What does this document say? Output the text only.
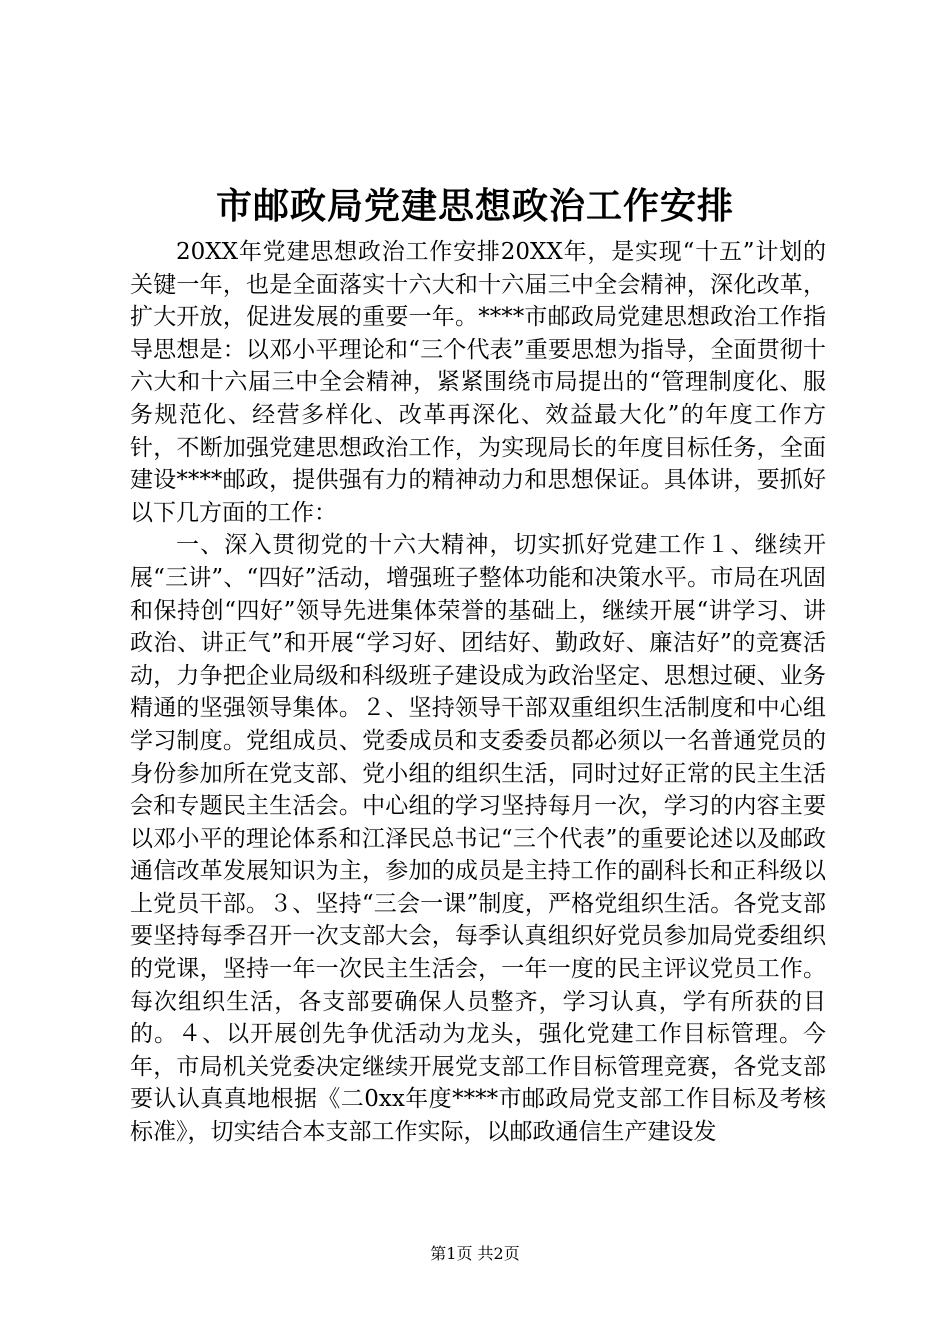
市邮政局党建思想政治工作安排

20XX年党建思想政治工作安排20XX年，是实现“十五”计划的关键一年，也是全面落实十六大和十六届三中全会精神，深化改革，扩大开放，促进发展的重要一年。****市邮政局党建思想政治工作指导思想是：以邓小平理论和“三个代表”重要思想为指导，全面贯彻十六大和十六届三中全会精神，紧紧围绕市局提出的“管理制度化、服务规范化、经营多样化、改革再深化、效益最大化”的年度工作方针，不断加强党建思想政治工作，为实现局长的年度目标任务，全面建设****邮政，提供强有力的精神动力和思想保证。具体讲，要抓好以下几方面的工作：

一、深入贯彻党的十六大精神，切实抓好党建工作１、继续开展“三讲”、“四好”活动，增强班子整体功能和决策水平。市局在巩固和保持创“四好”领导先进集体荣誉的基础上，继续开展“讲学习、讲政治、讲正气”和开展“学习好、团结好、勤政好、廉洁好”的竞赛活动，力争把企业局级和科级班子建设成为政治坚定、思想过硬、业务精通的坚强领导集体。２、坚持领导干部双重组织生活制度和中心组学习制度。党组成员、党委成员和支委委员都必须以一名普通党员的身份参加所在党支部、党小组的组织生活，同时过好正常的民主生活会和专题民主生活会。中心组的学习坚持每月一次，学习的内容主要以邓小平的理论体系和江泽民总书记“三个代表”的重要论述以及邮政通信改革发展知识为主，参加的成员是主持工作的副科长和正科级以上党员干部。３、坚持“三会一课”制度，严格党组织生活。各党支部要坚持每季召开一次支部大会，每季认真组织好党员参加局党委组织的党课，坚持一年一次民主生活会，一年一度的民主评议党员工作。每次组织生活，各支部要确保人员整齐，学习认真，学有所获的目的。４、以开展创先争优活动为龙头，强化党建工作目标管理。今年，市局机关党委决定继续开展党支部工作目标管理竞赛，各党支部要认认真真地根据《二0xx年度****市邮政局党支部工作目标及考核标准》，切实结合本支部工作实际，以邮政通信生产建设发

第1页 共2页
